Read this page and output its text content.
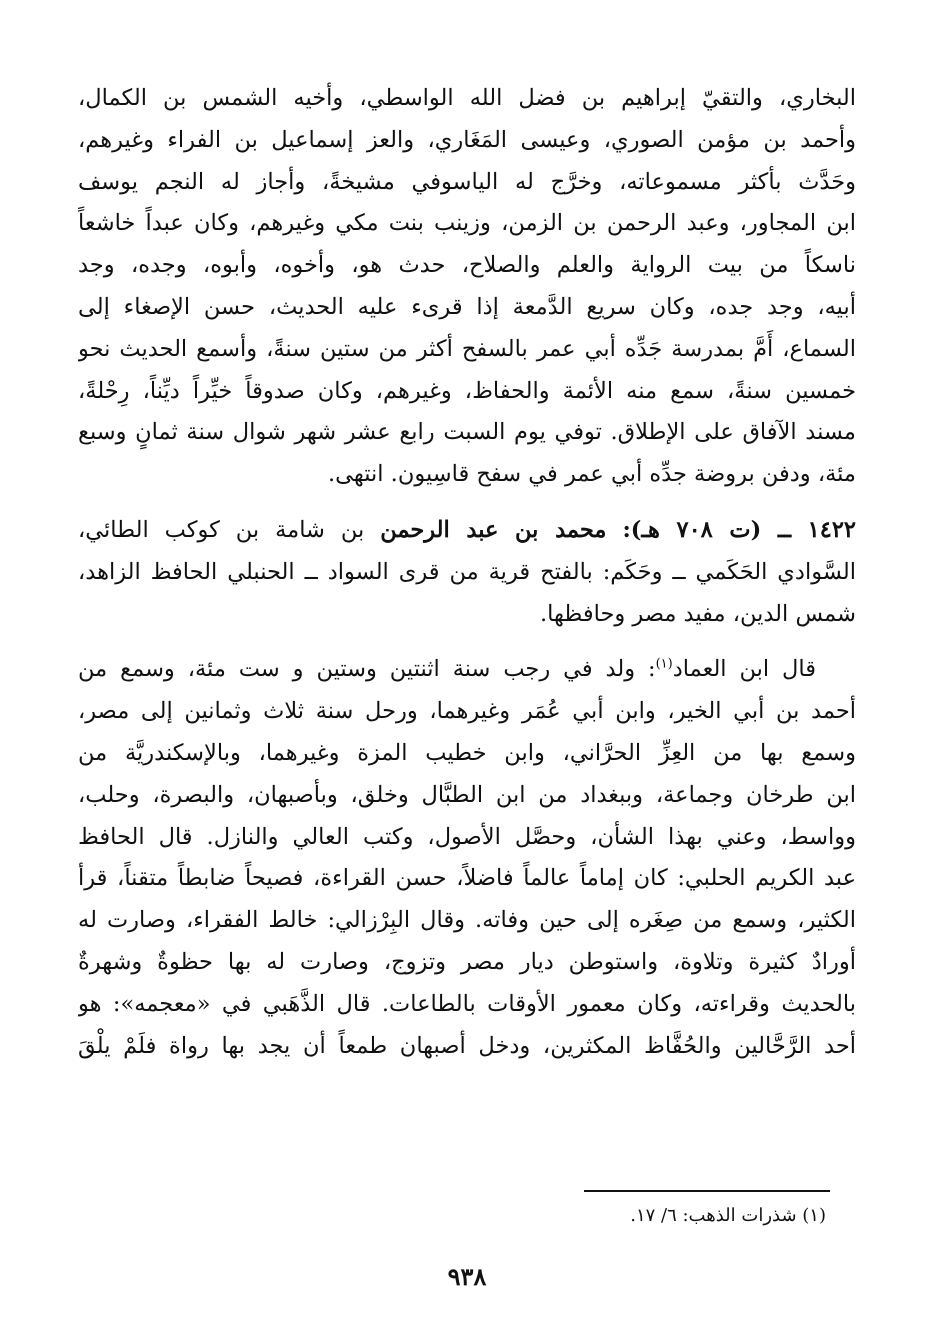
البخاري، والتقيّ إبراهيم بن فضل الله الواسطي، وأخيه الشمس بن الكمال،
وأحمد بن مؤمن الصوري، وعيسى المَغَاري، والعز إسماعيل بن الفراء وغيرهم،
وحَدَّث بأكثر مسموعاته، وخرَّج له الياسوفي مشيخةً، وأجاز له النجم يوسف
ابن المجاور، وعبد الرحمن بن الزمن، وزينب بنت مكي وغيرهم، وكان عبداً خاشعاً
ناسكاً من بيت الرواية والعلم والصلاح، حدث هو، وأخوه، وأبوه، وجده، وجد
أبيه، وجد جده، وكان سريع الدَّمعة إذا قرىء عليه الحديث، حسن الإصغاء إلى
السماع، أَمَّ بمدرسة جَدِّه أبي عمر بالسفح أكثر من ستين سنةً، وأسمع الحديث نحو
خمسين سنةً، سمع منه الأئمة والحفاظ، وغيرهم، وكان صدوقاً خيِّراً ديِّناً، رِحْلةً،
مسند الآفاق على الإطلاق. توفي يوم السبت رابع عشر شهر شوال سنة ثمانٍ وسبع
مئة، ودفن بروضة جدِّه أبي عمر في سفح قاسِيون. انتهى.

١٤٢٢ ــ (ت ٧٠٨ هـ): محمد بن عبد الرحمن بن شامة بن كوكب الطائي،
السَّوادي الحَكَمي ــ وحَكَم: بالفتح قرية من قرى السواد ــ الحنبلي الحافظ الزاهد،
شمس الدين، مفيد مصر وحافظها.

قال ابن العماد$^{(١)}$: ولد في رجب سنة اثنتين وستين و ست مئة، وسمع من
أحمد بن أبي الخير، وابن أبي عُمَر وغيرهما، ورحل سنة ثلاث وثمانين إلى مصر،
وسمع بها من العِزِّ الحرَّاني، وابن خطيب المزة وغيرهما، وبالإسكندريَّة من
ابن طرخان وجماعة، وببغداد من ابن الطبَّال وخلق، وبأصبهان، والبصرة، وحلب،
وواسط، وعني بهذا الشأن، وحصَّل الأصول، وكتب العالي والنازل. قال الحافظ
عبد الكريم الحلبي: كان إماماً عالماً فاضلاً، حسن القراءة، فصيحاً ضابطاً متقناً، قرأ
الكثير، وسمع من صِغَره إلى حين وفاته. وقال البِرْزالي: خالط الفقراء، وصارت له
أورادٌ كثيرة وتلاوة، واستوطن ديار مصر وتزوج، وصارت له بها حظوةٌ وشهرةٌ
بالحديث وقراءته، وكان معمور الأوقات بالطاعات. قال الذَّهَبي في «معجمه»: هو
أحد الرَّحَّالين والحُفَّاظ المكثرين، ودخل أصبهان طمعاً أن يجد بها رواة فلَمْ يلْقَ

(١) شذرات الذهب: ٦/ ١٧.
٩٣٨
